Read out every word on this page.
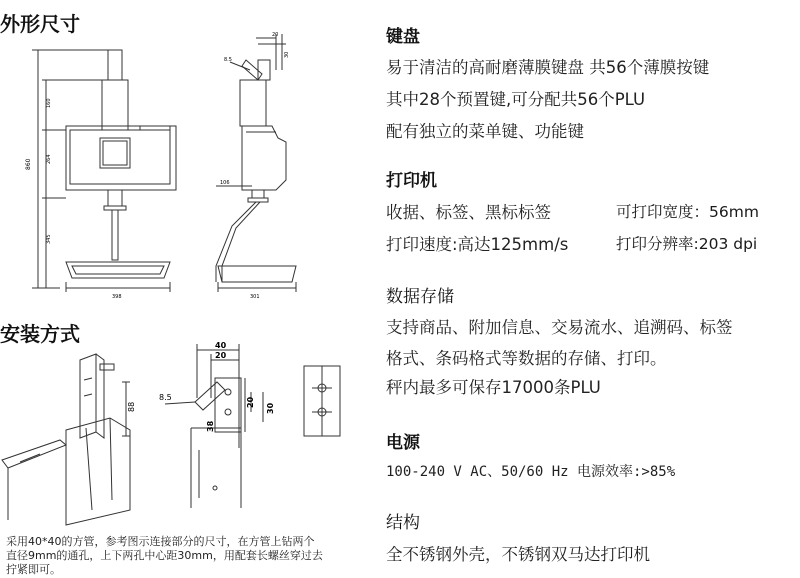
外形尺寸
安装方式
860
160
264
345
398
20
8.5
30
106
301
88
40
20
8.5	20
30
38
采用40*40的方管，参考图示连接部分的尺寸，在方管上钻两个
直径9mm的通孔，上下两孔中心距30mm，用配套长螺丝穿过去
拧紧即可。
键盘
易于清洁的高耐磨薄膜键盘 共56个薄膜按键
其中28个预置键,可分配共56个PLU
配有独立的菜单键、功能键
打印机
收据、标签、黑标标签	可打印宽度：56mm
打印速度:高达125mm/s	打印分辨率:203 dpi
数据存储
支持商品、附加信息、交易流水、追溯码、标签
格式、条码格式等数据的存储、打印。
秤内最多可保存17000条PLU
电源
100-240 V AC、50/60 Hz 电源效率:>85%
结构
全不锈钢外壳，不锈钢双马达打印机
